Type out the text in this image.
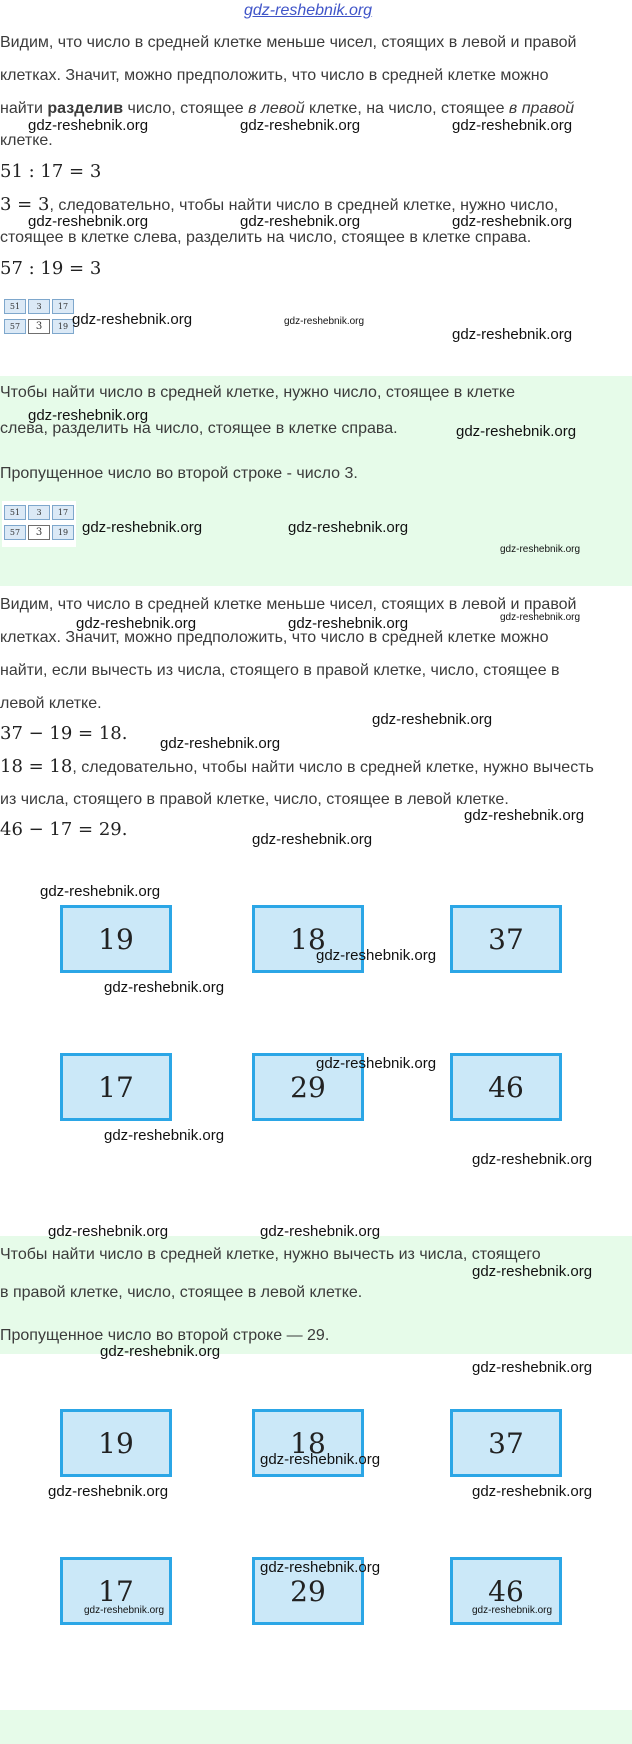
gdz-reshebnik.org
Видим, что число в средней клетке меньше чисел, стоящих в левой и правой
клетках. Значит, можно предположить, что число в средней клетке можно
найти разделив число, стоящее в левой клетке, на число, стоящее в правой
клетке.
51 : 17 = 3
3 = 3, следовательно, чтобы найти число в средней клетке, нужно число,
стоящее в клетке слева, разделить на число, стоящее в клетке справа.
57 : 19 = 3
51	3	17
57	3	19
Чтобы найти число в средней клетке, нужно число, стоящее в клетке
слева, разделить на число, стоящее в клетке справа.
Пропущенное число во второй строке - число 3.
51	3	17
57	3	19
Видим, что число в средней клетке меньше чисел, стоящих в левой и правой
клетках. Значит, можно предположить, что число в средней клетке можно
найти, если вычесть из числа, стоящего в правой клетке, число, стоящее в
левой клетке.
37 − 19 = 18.
18 = 18, следовательно, чтобы найти число в средней клетке, нужно вычесть
из числа, стоящего в правой клетке, число, стоящее в левой клетке.
46 − 17 = 29.
19	18	37
17	29	46
Чтобы найти число в средней клетке, нужно вычесть из числа, стоящего
в правой клетке, число, стоящее в левой клетке.
Пропущенное число во второй строке — 29.
19	18	37
17	29	46
gdz-reshebnik.org	gdz-reshebnik.org	gdz-reshebnik.org
gdz-reshebnik.org	gdz-reshebnik.org	gdz-reshebnik.org
gdz-reshebnik.org	gdz-reshebnik.org
gdz-reshebnik.org
gdz-reshebnik.org
gdz-reshebnik.org
gdz-reshebnik.org	gdz-reshebnik.org
gdz-reshebnik.org
gdz-reshebnik.org	gdz-reshebnik.org	gdz-reshebnik.org
gdz-reshebnik.org
gdz-reshebnik.org
gdz-reshebnik.org
gdz-reshebnik.org
gdz-reshebnik.org
gdz-reshebnik.org
gdz-reshebnik.org
gdz-reshebnik.org
gdz-reshebnik.org
gdz-reshebnik.org
gdz-reshebnik.org	gdz-reshebnik.org
gdz-reshebnik.org
gdz-reshebnik.org
gdz-reshebnik.org
gdz-reshebnik.org
gdz-reshebnik.org	gdz-reshebnik.org
gdz-reshebnik.org
gdz-reshebnik.org	gdz-reshebnik.org
